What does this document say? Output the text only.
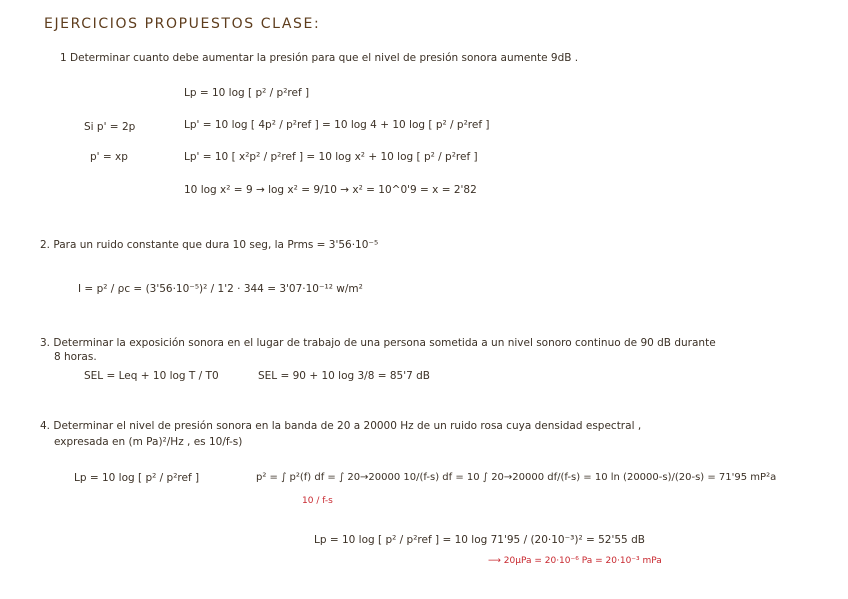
EJERCICIOS PROPUESTOS CLASE:
1 Determinar cuanto debe aumentar la presión para que el nivel de presión sonora aumente 9dB .
Lp = 10 log [ p² / p²ref ]
Si p' = 2p	Lp' = 10 log [ 4p² / p²ref ] = 10 log 4 + 10 log [ p² / p²ref ]
p' = xp	Lp' = 10 [ x²p² / p²ref ] = 10 log x² + 10 log [ p² / p²ref ]
10 log x² = 9 → log x² = 9/10 → x² = 10^0'9 = x = 2'82
2. Para un ruido constante que dura 10 seg, la Prms = 3'56·10⁻⁵
I = p² / ρc = (3'56·10⁻⁵)² / 1'2 · 344 = 3'07·10⁻¹² w/m²
3. Determinar la exposición sonora en el lugar de trabajo de una persona sometida a un nivel sonoro continuo de 90 dB durante
8 horas.
SEL = Leq + 10 log T / T0	SEL = 90 + 10 log 3/8 = 85'7 dB
4. Determinar el nivel de presión sonora en la banda de 20 a 20000 Hz de un ruido rosa cuya densidad espectral ,
expresada en (m Pa)²/Hz , es 10/f-s)
Lp = 10 log [ p² / p²ref ]	p² = ∫ p²(f) df = ∫ 20→20000 10/(f-s) df = 10 ∫ 20→20000 df/(f-s) = 10 ln (20000-s)/(20-s) = 71'95 mP²a
10 / f-s
Lp = 10 log [ p² / p²ref ] = 10 log 71'95 / (20·10⁻³)² = 52'55 dB
⟶ 20μPa = 20·10⁻⁶ Pa = 20·10⁻³ mPa
